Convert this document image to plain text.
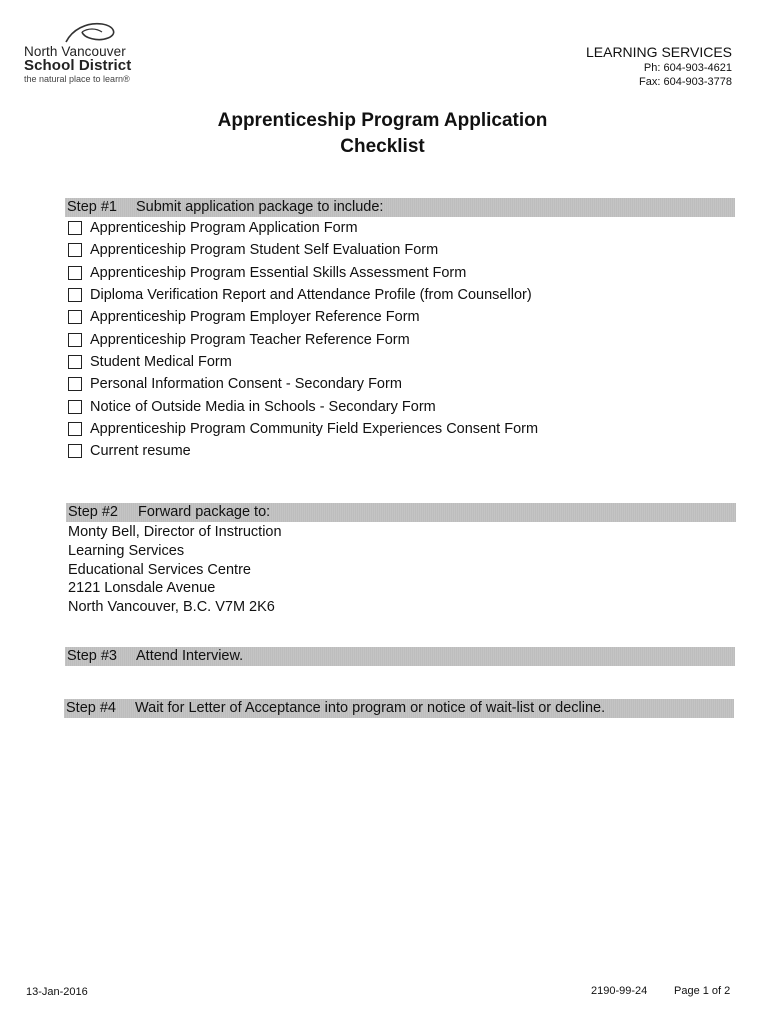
North Vancouver
School District
the natural place to learn®
LEARNING SERVICES
Ph: 604-903-4621
Fax: 604-903-3778
Apprenticeship Program Application
Checklist
Step #1 Submit application package to include:
Apprenticeship Program Application Form
Apprenticeship Program Student Self Evaluation Form
Apprenticeship Program Essential Skills Assessment Form
Diploma Verification Report and Attendance Profile (from Counsellor)
Apprenticeship Program Employer Reference Form
Apprenticeship Program Teacher Reference Form
Student Medical Form
Personal Information Consent - Secondary Form
Notice of Outside Media in Schools - Secondary Form
Apprenticeship Program Community Field Experiences Consent Form
Current resume
Step #2 Forward package to:
Monty Bell, Director of Instruction
Learning Services
Educational Services Centre
2121 Lonsdale Avenue
North Vancouver, B.C. V7M 2K6
Step #3 Attend Interview.
Step #4 Wait for Letter of Acceptance into program or notice of wait-list or decline.
13-Jan-2016	2190-99-24 Page 1 of 2
